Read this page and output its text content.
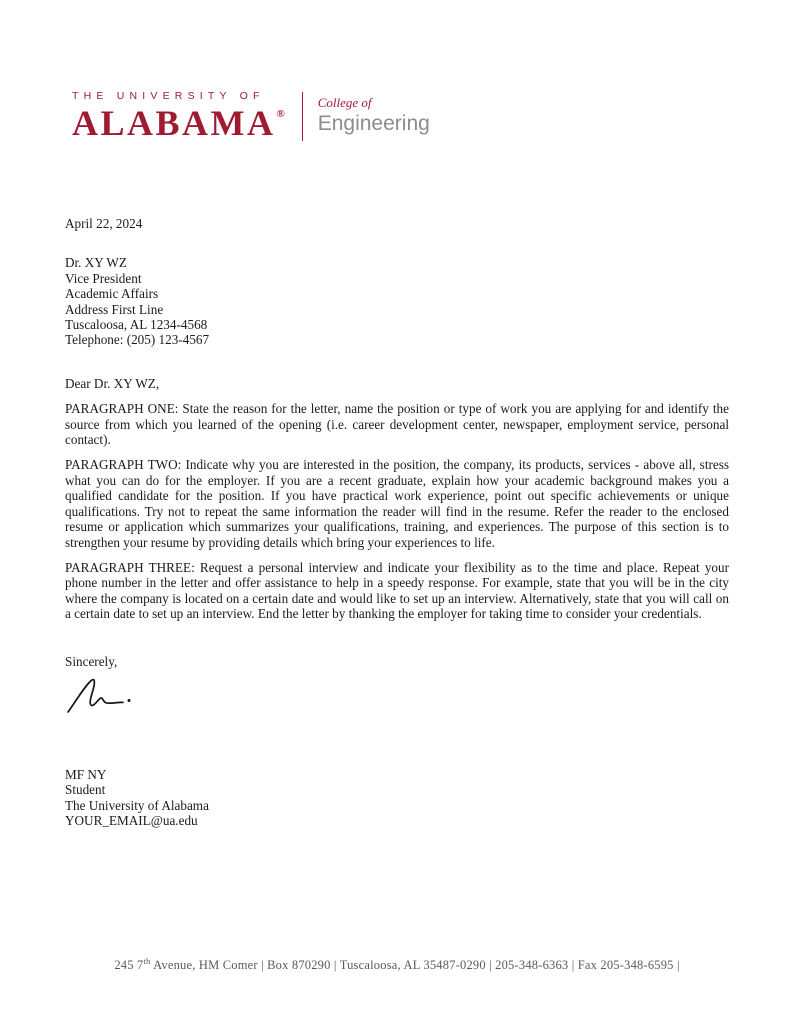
THE UNIVERSITY OF
ALABAMA®
College of
Engineering
April 22, 2024
Dr. XY WZ
Vice President
Academic Affairs
Address First Line
Tuscaloosa, AL 1234-4568
Telephone: (205) 123-4567
Dear Dr. XY WZ,

PARAGRAPH ONE: State the reason for the letter, name the position or type of work you are applying for and identify the source from which you learned of the opening (i.e. career development center, newspaper, employment service, personal contact).

PARAGRAPH TWO: Indicate why you are interested in the position, the company, its products, services - above all, stress what you can do for the employer. If you are a recent graduate, explain how your academic background makes you a qualified candidate for the position. If you have practical work experience, point out specific achievements or unique qualifications. Try not to repeat the same information the reader will find in the resume. Refer the reader to the enclosed resume or application which summarizes your qualifications, training, and experiences. The purpose of this section is to strengthen your resume by providing details which bring your experiences to life.

PARAGRAPH THREE: Request a personal interview and indicate your flexibility as to the time and place. Repeat your phone number in the letter and offer assistance to help in a speedy response. For example, state that you will be in the city where the company is located on a certain date and would like to set up an interview. Alternatively, state that you will call on a certain date to set up an interview. End the letter by thanking the employer for taking time to consider your credentials.

Sincerely,
MF NY
Student
The University of Alabama
YOUR_EMAIL@ua.edu
245 7th Avenue, HM Comer | Box 870290 | Tuscaloosa, AL 35487-0290 | 205-348-6363 | Fax 205-348-6595 |
